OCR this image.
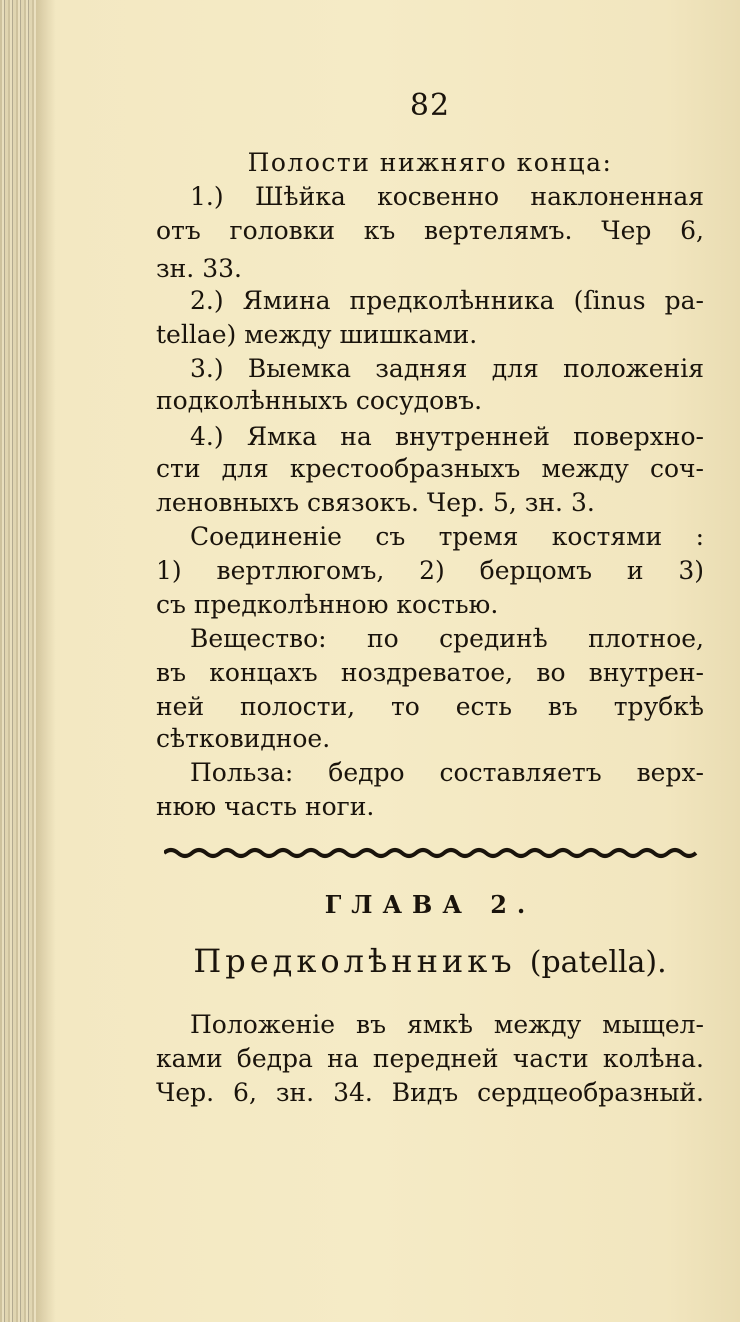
82
Полости нижняго конца:
1.) Шѣйка косвенно наклоненная
отъ головки къ вертелямъ. Чер 6,
зн. 33.
2.) Ямина предколѣнника (ſinus pa-
tellae) между шишками.
3.) Выемка задняя для положенія
подколѣнныхъ сосудовъ.
4.) Ямка на внутренней поверхно-
сти для крестообразныхъ между соч-
леновныхъ связокъ. Чер. 5, зн. 3.
Соединеніе съ тремя костями :
1) вертлюгомъ, 2) берцомъ и 3)
съ предколѣнною костью.
Вещество: по срединѣ плотное,
въ концахъ ноздреватое, во внутрен-
ней полости, то есть въ трубкѣ
сѣтковидное.
Польза: бедро составляетъ верх-
нюю часть ноги.
ГЛАВА 2.
Предколѣнникъ (patella).
Положеніе въ ямкѣ между мыщел-
ками бедра на передней части колѣна.
Чер. 6, зн. 34. Видъ сердцеобразный.
